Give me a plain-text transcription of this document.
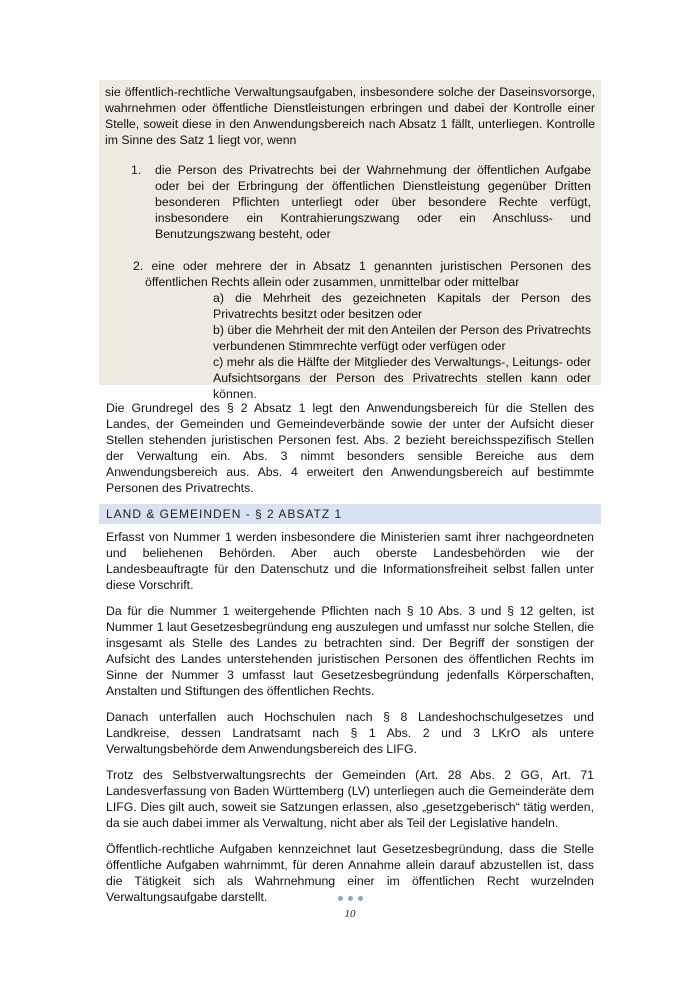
sie öffentlich-rechtliche Verwaltungsaufgaben, insbesondere solche der Daseinsvorsorge, wahrnehmen oder öffentliche Dienstleistungen erbringen und dabei der Kontrolle einer Stelle, soweit diese in den Anwendungsbereich nach Absatz 1 fällt, unterliegen. Kontrolle im Sinne des Satz 1 liegt vor, wenn

1.	die Person des Privatrechts bei der Wahrnehmung der öffentlichen Aufgabe oder bei der Erbringung der öffentlichen Dienstleistung gegenüber Dritten besonderen Pflichten unterliegt oder über besondere Rechte verfügt, insbesondere ein Kontrahierungszwang oder ein Anschluss- und Benutzungszwang besteht, oder

2. eine oder mehrere der in Absatz 1 genannten juristischen Personen des öffentlichen Rechts allein oder zusammen, unmittelbar oder mittelbar

a) die Mehrheit des gezeichneten Kapitals der Person des Privatrechts besitzt oder besitzen oder

b) über die Mehrheit der mit den Anteilen der Person des Privatrechts verbundenen Stimmrechte verfügt oder verfügen oder

c) mehr als die Hälfte der Mitglieder des Verwaltungs-, Leitungs- oder Aufsichtsorgans der Person des Privatrechts stellen kann oder können.

Die Grundregel des § 2 Absatz 1 legt den Anwendungsbereich für die Stellen des Landes, der Gemeinden und Gemeindeverbände sowie der unter der Aufsicht dieser Stellen stehenden juristischen Personen fest. Abs. 2 bezieht bereichsspezifisch Stellen der Verwaltung ein. Abs. 3 nimmt besonders sensible Bereiche aus dem Anwendungsbereich aus. Abs. 4 erweitert den Anwendungsbereich auf bestimmte Personen des Privatrechts.

LAND & GEMEINDEN - § 2 ABSATZ 1

Erfasst von Nummer 1 werden insbesondere die Ministerien samt ihrer nachgeordneten und beliehenen Behörden. Aber auch oberste Landesbehörden wie der Landesbeauftragte für den Datenschutz und die Informationsfreiheit selbst fallen unter diese Vorschrift.

Da für die Nummer 1 weitergehende Pflichten nach § 10 Abs. 3 und § 12 gelten, ist Nummer 1 laut Gesetzesbegründung eng auszulegen und umfasst nur solche Stellen, die insgesamt als Stelle des Landes zu betrachten sind. Der Begriff der sonstigen der Aufsicht des Landes unterstehenden juristischen Personen des öffentlichen Rechts im Sinne der Nummer 3 umfasst laut Gesetzesbegründung jedenfalls Körperschaften, Anstalten und Stiftungen des öffentlichen Rechts.

Danach unterfallen auch Hochschulen nach § 8 Landeshochschulgesetzes und Landkreise, dessen Landratsamt nach § 1 Abs. 2 und 3 LKrO als untere Verwaltungsbehörde dem Anwendungsbereich des LIFG.

Trotz des Selbstverwaltungsrechts der Gemeinden (Art. 28 Abs. 2 GG, Art. 71 Landesverfassung von Baden Württemberg (LV) unterliegen auch die Gemeinderäte dem LIFG. Dies gilt auch, soweit sie Satzungen erlassen, also „gesetzgeberisch“ tätig werden, da sie auch dabei immer als Verwaltung, nicht aber als Teil der Legislative handeln.

Öffentlich-rechtliche Aufgaben kennzeichnet laut Gesetzesbegründung, dass die Stelle öffentliche Aufgaben wahrnimmt, für deren Annahme allein darauf abzustellen ist, dass die Tätigkeit sich als Wahrnehmung einer im öffentlichen Recht wurzelnden Verwaltungsaufgabe darstellt.

10
